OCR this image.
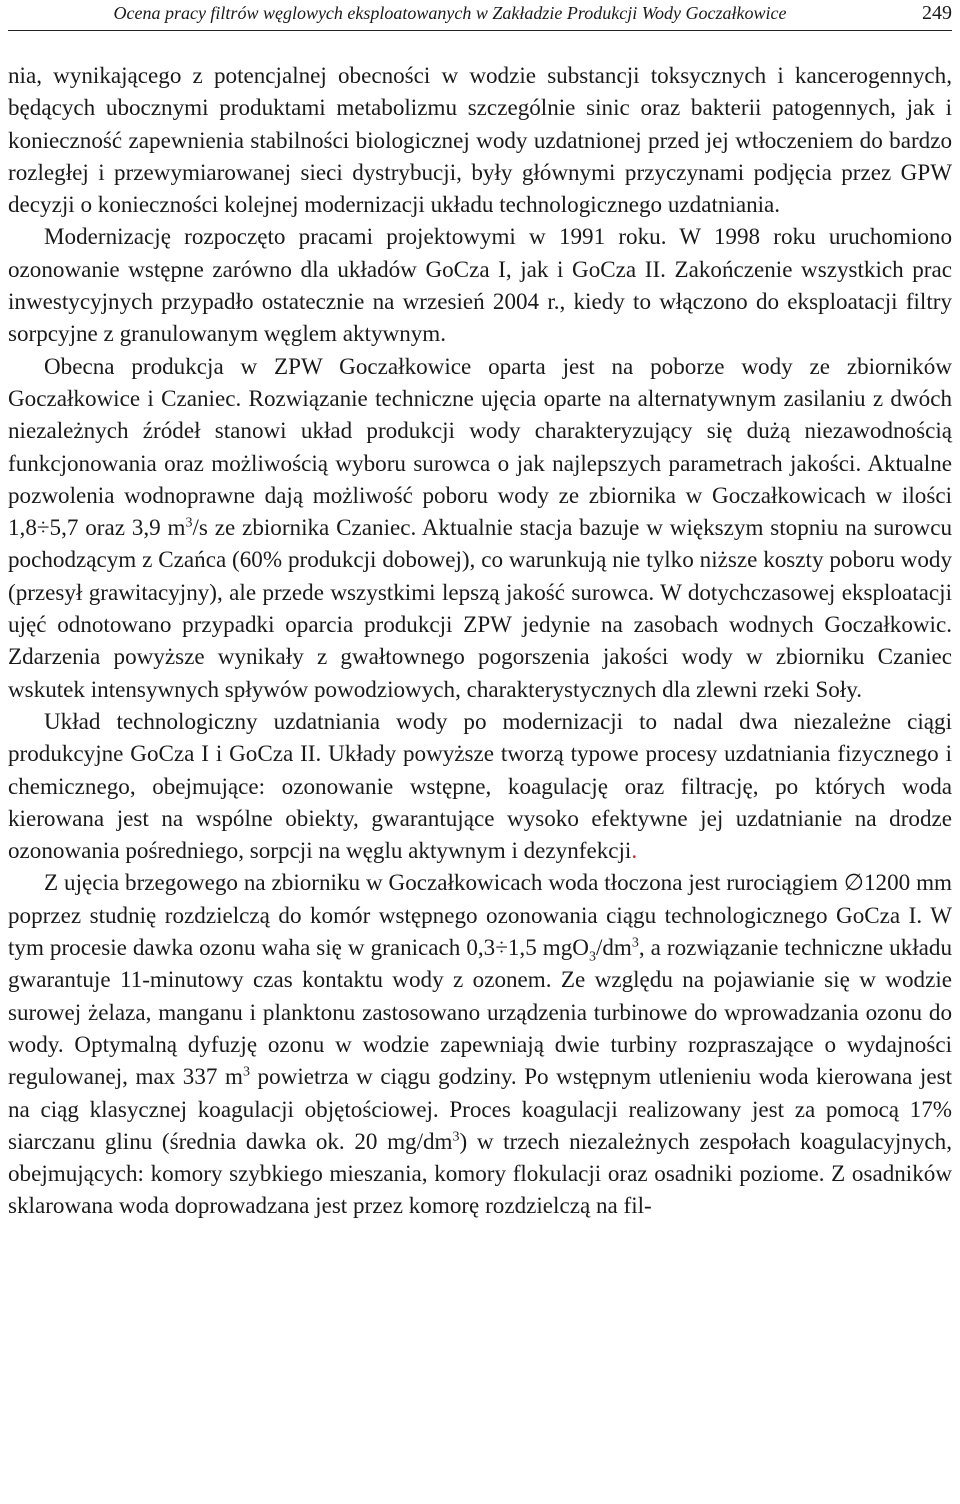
Ocena pracy filtrów węglowych eksploatowanych w Zakładzie Produkcji Wody Goczałkowice	249

nia, wynikającego z potencjalnej obecności w wodzie substancji toksycznych i kancerogennych, będących ubocznymi produktami metabolizmu szczególnie sinic oraz bakterii patogennych, jak i konieczność zapewnienia stabilności biologicznej wody uzdatnionej przed jej wtłoczeniem do bardzo rozległej i przewymiarowanej sieci dystrybucji, były głównymi przyczynami podjęcia przez GPW decyzji o konieczności kolejnej modernizacji układu technologicznego uzdatniania.

Modernizację rozpoczęto pracami projektowymi w 1991 roku. W 1998 roku uruchomiono ozonowanie wstępne zarówno dla układów GoCza I, jak i GoCza II. Zakończenie wszystkich prac inwestycyjnych przypadło ostatecznie na wrzesień 2004 r., kiedy to włączono do eksploatacji filtry sorpcyjne z granulowanym węglem aktywnym.

Obecna produkcja w ZPW Goczałkowice oparta jest na poborze wody ze zbiorników Goczałkowice i Czaniec. Rozwiązanie techniczne ujęcia oparte na alternatywnym zasilaniu z dwóch niezależnych źródeł stanowi układ produkcji wody charakteryzujący się dużą niezawodnością funkcjonowania oraz możliwością wyboru surowca o jak najlepszych parametrach jakości. Aktualne pozwolenia wodnoprawne dają możliwość poboru wody ze zbiornika w Goczałkowicach w ilości 1,8÷5,7 oraz 3,9 $m^3/s$ ze zbiornika Czaniec. Aktualnie stacja bazuje w większym stopniu na surowcu pochodzącym z Czańca (60% produkcji dobowej), co warunkują nie tylko niższe koszty poboru wody (przesył grawitacyjny), ale przede wszystkimi lepszą jakość surowca. W dotychczasowej eksploatacji ujęć odnotowano przypadki oparcia produkcji ZPW jedynie na zasobach wodnych Goczałkowic. Zdarzenia powyższe wynikały z gwałtownego pogorszenia jakości wody w zbiorniku Czaniec wskutek intensywnych spływów powodziowych, charakterystycznych dla zlewni rzeki Soły.

Układ technologiczny uzdatniania wody po modernizacji to nadal dwa niezależne ciągi produkcyjne GoCza I i GoCza II. Układy powyższe tworzą typowe procesy uzdatniania fizycznego i chemicznego, obejmujące: ozonowanie wstępne, koagulację oraz filtrację, po których woda kierowana jest na wspólne obiekty, gwarantujące wysoko efektywne jej uzdatnianie na drodze ozonowania pośredniego, sorpcji na węglu aktywnym i dezynfekcji.

Z ujęcia brzegowego na zbiorniku w Goczałkowicach woda tłoczona jest rurociągiem ∅1200 mm poprzez studnię rozdzielczą do komór wstępnego ozonowania ciągu technologicznego GoCza I. W tym procesie dawka ozonu waha się w granicach 0,3÷1,5 $mgO_3/dm^3$, a rozwiązanie techniczne układu gwarantuje 11-minutowy czas kontaktu wody z ozonem. Ze względu na pojawianie się w wodzie surowej żelaza, manganu i planktonu zastosowano urządzenia turbinowe do wprowadzania ozonu do wody. Optymalną dyfuzję ozonu w wodzie zapewniają dwie turbiny rozpraszające o wydajności regulowanej, max 337 $m^3$ powietrza w ciągu godziny. Po wstępnym utlenieniu woda kierowana jest na ciąg klasycznej koagulacji objętościowej. Proces koagulacji realizowany jest za pomocą 17% siarczanu glinu (średnia dawka ok. 20 $mg/dm^3$) w trzech niezależnych zespołach koagulacyjnych, obejmujących: komory szybkiego mieszania, komory flokulacji oraz osadniki poziome. Z osadników sklarowana woda doprowadzana jest przez komorę rozdzielczą na fil-
